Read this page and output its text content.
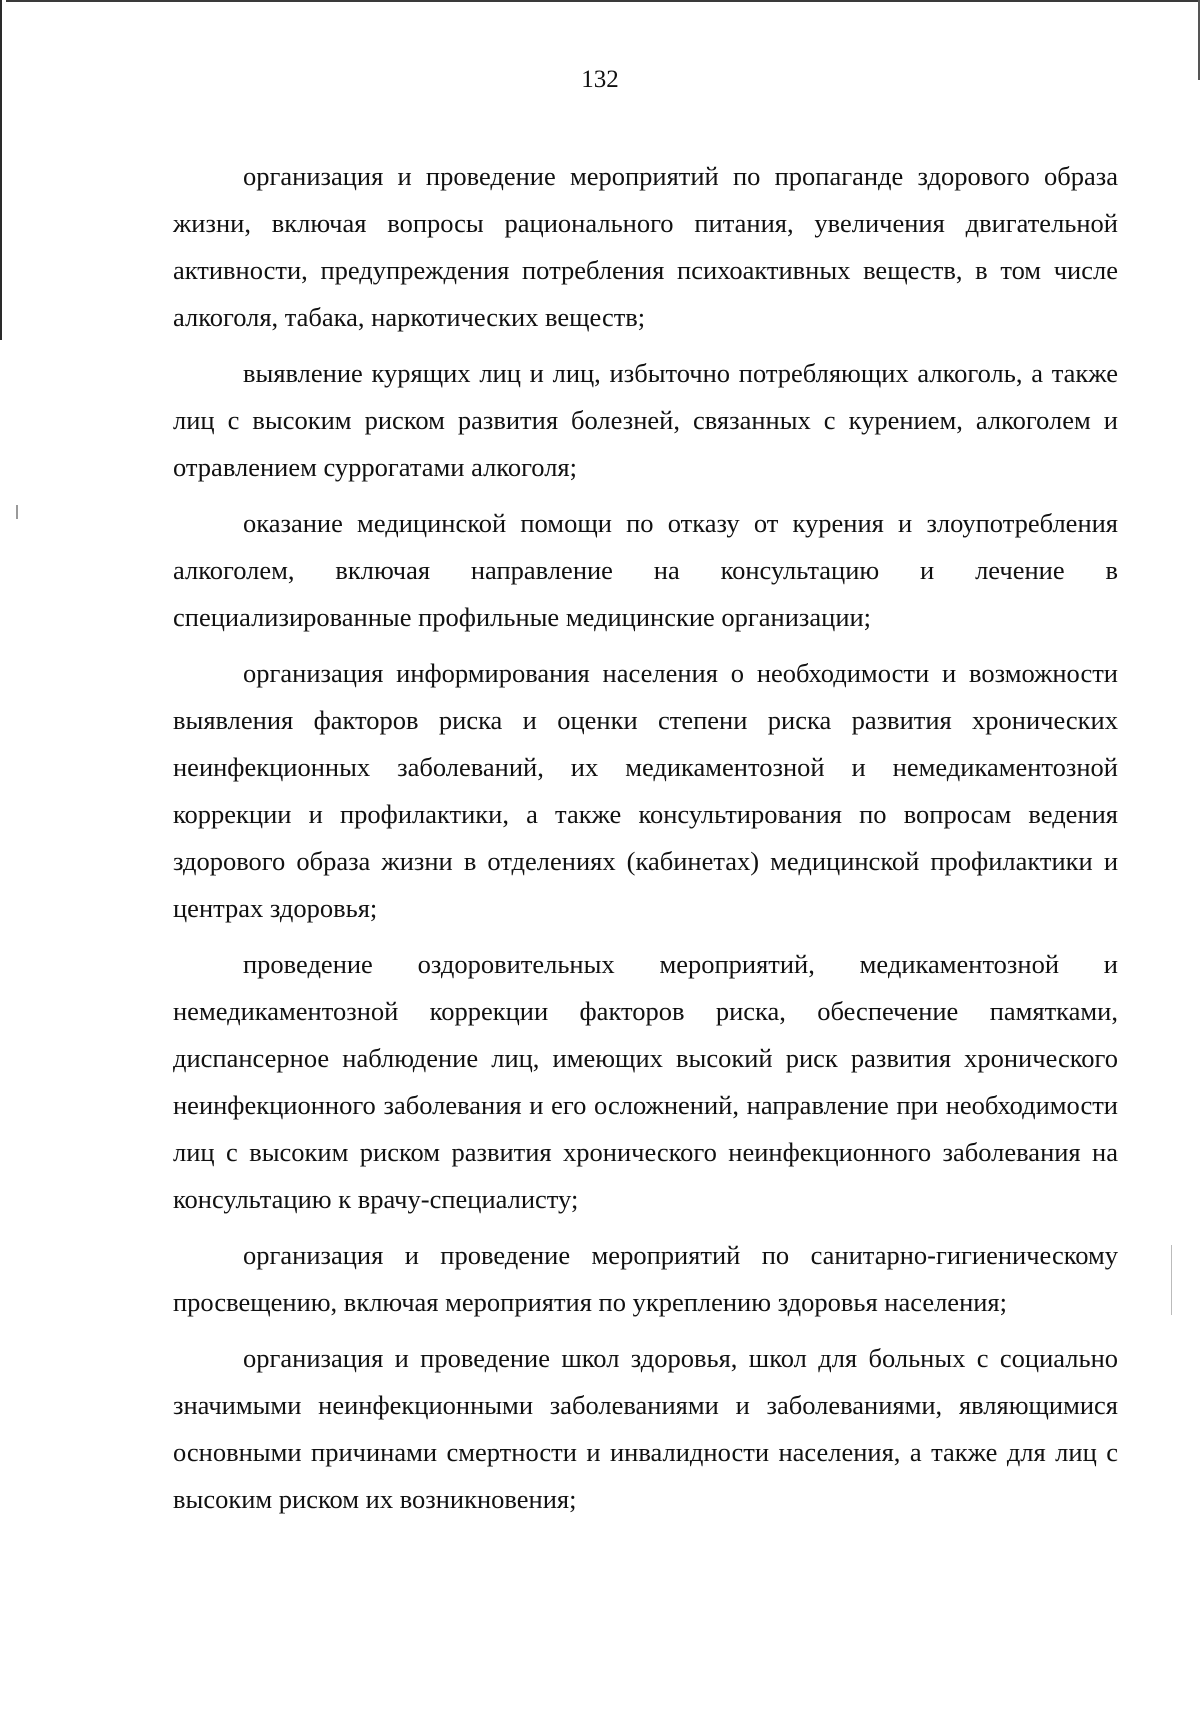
132

организация и проведение мероприятий по пропаганде здорового образа жизни, включая вопросы рационального питания, увеличения двигательной активности, предупреждения потребления психоактивных веществ, в том числе алкоголя, табака, наркотических веществ;

выявление курящих лиц и лиц, избыточно потребляющих алкоголь, а также лиц с высоким риском развития болезней, связанных с курением, алкоголем и отравлением суррогатами алкоголя;

оказание медицинской помощи по отказу от курения и злоупотребления алкоголем, включая направление на консультацию и лечение в специализированные профильные медицинские организации;

организация информирования населения о необходимости и возможности выявления факторов риска и оценки степени риска развития хронических неинфекционных заболеваний, их медикаментозной и немедикаментозной коррекции и профилактики, а также консультирования по вопросам ведения здорового образа жизни в отделениях (кабинетах) медицинской профилактики и центрах здоровья;

проведение оздоровительных мероприятий, медикаментозной и немедикаментозной коррекции факторов риска, обеспечение памятками, диспансерное наблюдение лиц, имеющих высокий риск развития хронического неинфекционного заболевания и его осложнений, направление при необходимости лиц с высоким риском развития хронического неинфекционного заболевания на консультацию к врачу-специалисту;

организация и проведение мероприятий по санитарно-гигиеническому просвещению, включая мероприятия по укреплению здоровья населения;

организация и проведение школ здоровья, школ для больных с социально значимыми неинфекционными заболеваниями и заболеваниями, являющимися основными причинами смертности и инвалидности населения, а также для лиц с высоким риском их возникновения;
